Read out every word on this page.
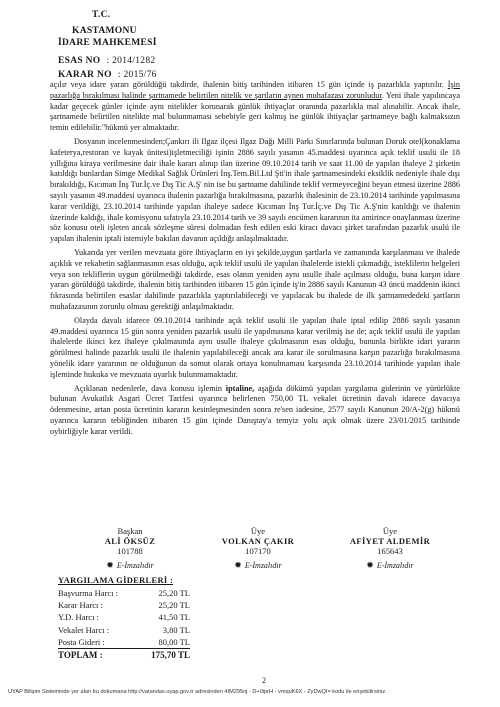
T.C.
KASTAMONU
İDARE MAHKEMESİ
ESAS NO : 2014/1282
KARAR NO : 2015/76

açılır veya idare yararı görüldüğü takdirde, ihalenin bitiş tarihinden itibaren 15 gün içinde iş pazarlıkla yaptırılır. İşin pazarlığa bırakılması halinde şartnamede belirtilen nitelik ve şartların aynen muhafazası zorunludur. Yeni ihale yapılıncaya kadar geçecek günler içinde aynı nitelikler korunarak günlük ihtiyaçlar oranında pazarlıkla mal alınabilir. Ancak ihale, şartnamede belirtilen nitelikte mal bulunmaması sebebiyle geri kalmış ise günlük ihtiyaçlar şartnameye bağlı kalmaksızın temin edilebilir."hükmü yer almaktadır.

Dosyanın incelenmesinden;Çankırı ili Ilgaz ilçesi Ilgaz Dağı Milli Parkı Sınırlarında bulunan Doruk otel(konaklama kafeterya,restoran ve kayak ünitesi)işletmeciliği işinin 2886 sayılı yasanın 45.maddesi uyarınca açık teklif usulü ile 18 yıllığına kiraya verilmesine dair ihale kararı alınıp ilan üzerine 09.10.2014 tarih ve saat 11.00 de yapılan ihaleye 2 şirketin katıldığı bunlardan Simge Medikal Sağlık Ürünleri İnş.Tem.Bil.Ltd Şti'in ihale şartnamesindeki eksiklik nedeniyle ihale dışı bırakıldığı, Kıcıman İnş Tur.İç.ve Dış Tic A.Ş' nin ise bu şartname dahilinde teklif vermeyeceğini beyan etmesi üzerine 2886 sayılı yasanın 49.maddesi uyarınca ihalenin pazarlığa bırakılmasına, pazarlık ihalesinin de 23.10.2014 tarihinde yapılmasına karar verildiği, 23.10.2014 tarihinde yapılan ihaleye sadece Kıcıman İnş Tur.İç.ve Dış Tic A.Ş'nin katıldığı ve ihalenin üzerinde kaldığı, ihale komisyonu sıfatıyla 23.10.2014 tarih ve 39 sayılı encümen kararının ita amirince onaylanması üzerine söz konusu oteli işleten ancak sözleşme süresi dolmadan fesh edilen eski kiracı davacı şirket tarafından pazarlık usulü ile yapılan ihalenin iptali istemiyle bakılan davanın açıldığı anlaşılmaktadır.

Yukarıda yer verilen mevzuata göre ihtiyaçların en iyi şekilde,uygun şartlarla ve zamanında karşılanması ve ihalede açıklık ve rekabetin sağlanmasının esas olduğu, açık teklif usulü ile yapılan ihalelerde istekli çıkmadığı, isteklilerin belgeleri veya son tekliflerin uygun görülmediği takdirde, esas olanın yeniden aynı usulle ihale açılması olduğu, buna karşın idare yararı görüldüğü takdirde, ihalenin bitiş tarihinden itibaren 15 gün içinde iş'in 2886 sayılı Kanunun 43 üncü maddenin ikinci fıkrasında belirtilen esaslar dahilinde pazarlıkla yaptırılabileceği ve yapılacak bu ihalede de ilk şartnamededeki şartların muhafazasının zorunlu olması gerektiği anlaşılmaktadır.

Olayda davalı idarece 09.10.2014 tarihinde açık teklif usulü ile yapılan ihale iptal edilip 2886 sayılı yasanın 49.maddesi uyarınca 15 gün sonra yeniden pazarlık usulü ile yapılmasına karar verilmiş ise de; açık teklif usulü ile yapılan ihalelerde ikinci kez ihaleye çıkılmasında aynı usulle ihaleye çıkılmasının esas olduğu, bununla birlikte idari yararın görülmesi halinde pazarlık usulü ile ihalenin yapılabileceği ancak ara karar ile sorulmasına karşın pazarlığa bırakılmasına yönelik idare yararının ne olduğunun da somut olarak ortaya konulmaması karşısında 23.10.2014 tarihinde yapılan ihale işleminde hukuka ve mevzuata uyarlık bulunmamaktadır.

Açıklanan nedenlerle, dava konusu işlemin iptaline, aşağıda dökümü yapılan yargılama giderinin ve yürürlükte bulunan Avukatlık Asgari Ücret Tarifesi uyarınca belirlenen 750,00 TL vekalet ücretinin davalı idarece davacıya ödenmesine, artan posta ücretinin kararın kesinleşmesinden sonra re'sen iadesine, 2577 sayılı Kanunun 20/A-2(g) hükmü uyarınca kararın tebliğinden itibaren 15 gün içinde Danıştay'a temyiz yolu açık olmak üzere 23/01/2015 tarihinde oybirliğiyle karar verildi.

Başkan
ALİ ÖKSÜZ
101788
✹ E-İmzalıdır
Üye
VOLKAN ÇAKIR
107170
✹ E-İmzalıdır
Üye
AFİYET ALDEMİR
165643
✹ E-İmzalıdır
YARGILAMA GİDERLERİ :
Başvurma Harcı :	25,20 TL
Karar Harcı :	25,20 TL
Y.D. Harcı :	41,50 TL
Vekalet Harcı :	3,80 TL
Posta Gideri :	80,00 TL
TOPLAM :	175,70 TL
2
UYAP Bilişim Sisteminde yer alan bu dokumana http://vatandas.uyap.gov.tr adresinden 4IM295nj - D+0iprH - vmquK6X - ZyDwQI= kodu ile erişebilirsiniz.
